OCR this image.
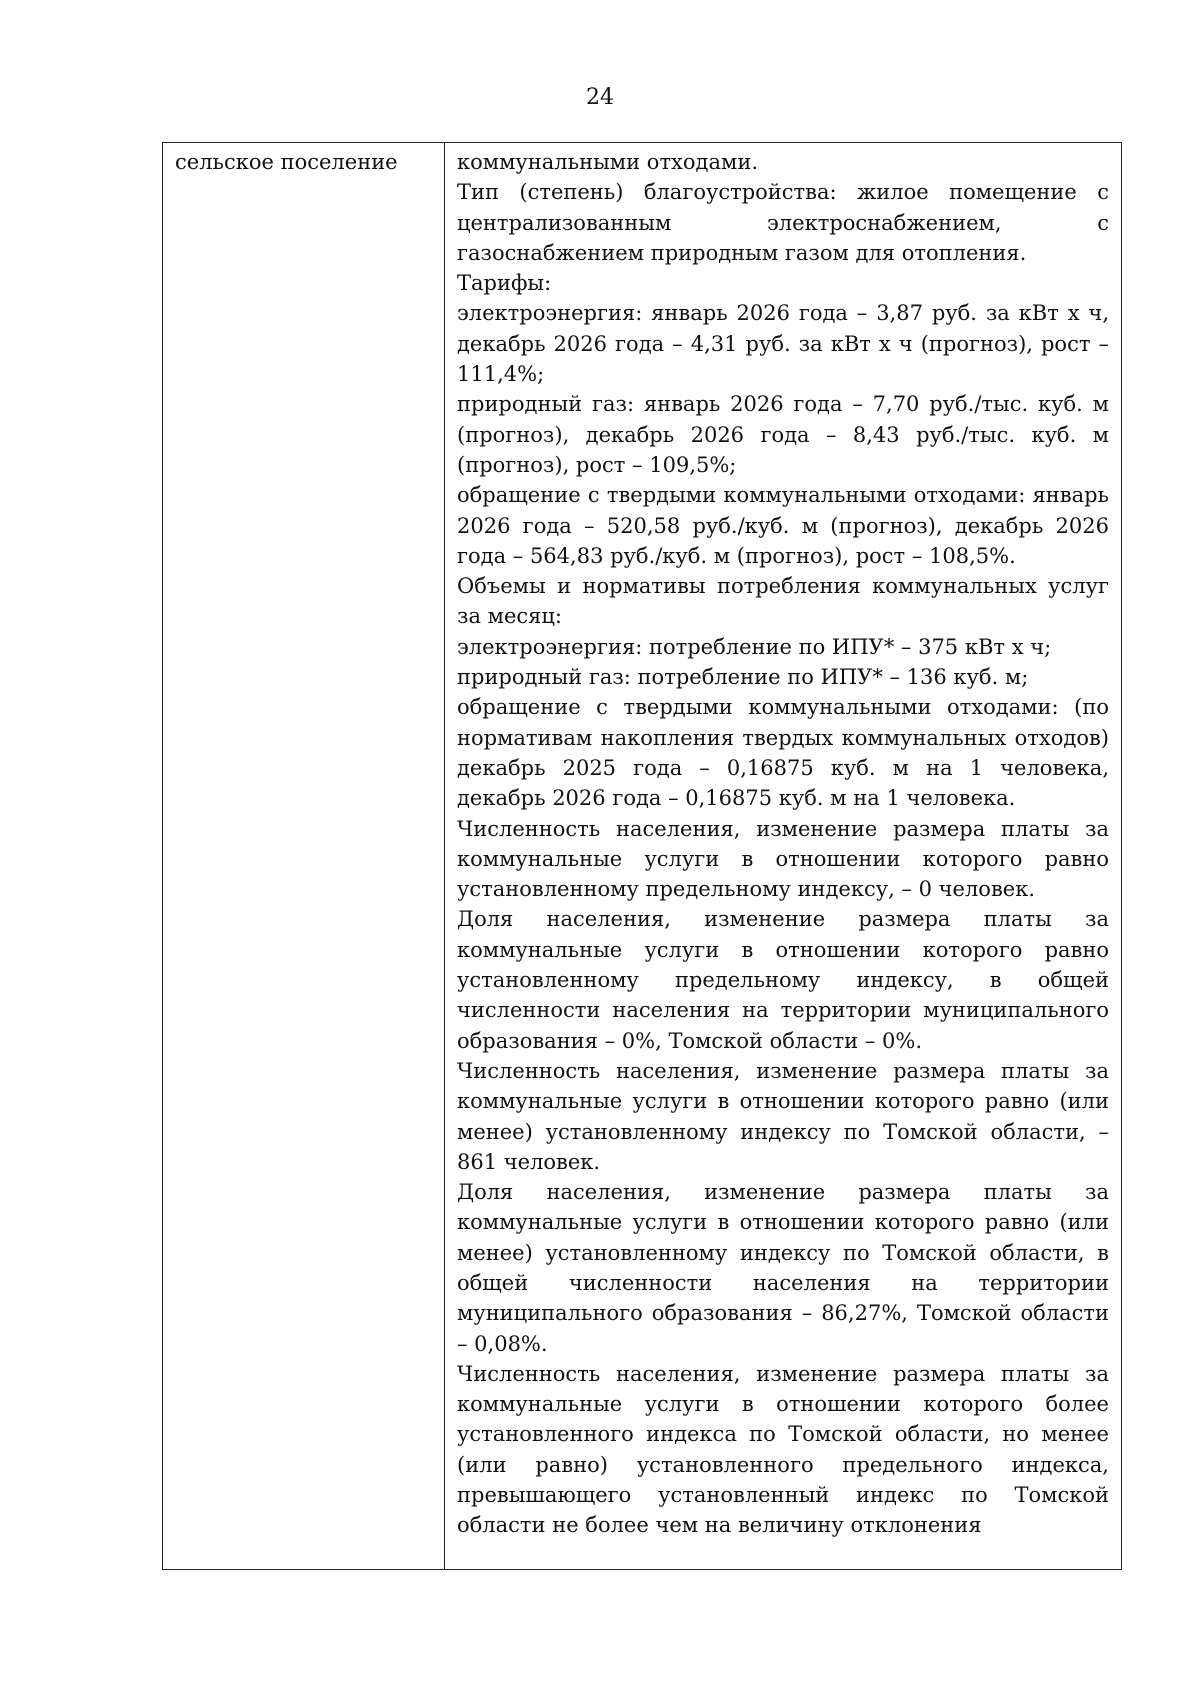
24
сельское поселение	коммунальными отходами.

Тип (степень) благоустройства: жилое помещение с централизованным электроснабжением, с газоснабжением природным газом для отопления.

Тарифы:

электроэнергия: январь 2026 года – 3,87 руб. за кВт х ч, декабрь 2026 года – 4,31 руб. за кВт х ч (прогноз), рост – 111,4%;

природный газ: январь 2026 года – 7,70 руб./тыс. куб. м (прогноз), декабрь 2026 года – 8,43 руб./тыс. куб. м (прогноз), рост – 109,5%;

обращение с твердыми коммунальными отходами: январь 2026 года – 520,58 руб./куб. м (прогноз), декабрь 2026 года – 564,83 руб./куб. м (прогноз), рост – 108,5%.

Объемы и нормативы потребления коммунальных услуг за месяц:

электроэнергия: потребление по ИПУ* – 375 кВт х ч;

природный газ: потребление по ИПУ* – 136 куб. м;

обращение с твердыми коммунальными отходами: (по нормативам накопления твердых коммунальных отходов) декабрь 2025 года – 0,16875 куб. м на 1 человека, декабрь 2026 года – 0,16875 куб. м на 1 человека.

Численность населения, изменение размера платы за коммунальные услуги в отношении которого равно установленному предельному индексу, – 0 человек.

Доля населения, изменение размера платы за коммунальные услуги в отношении которого равно установленному предельному индексу, в общей численности населения на территории муниципального образования – 0%, Томской области – 0%.

Численность населения, изменение размера платы за коммунальные услуги в отношении которого равно (или менее) установленному индексу по Томской области, – 861 человек.

Доля населения, изменение размера платы за коммунальные услуги в отношении которого равно (или менее) установленному индексу по Томской области, в общей численности населения на территории муниципального образования – 86,27%, Томской области – 0,08%.

Численность населения, изменение размера платы за коммунальные услуги в отношении которого более установленного индекса по Томской области, но менее (или равно) установленного предельного индекса, превышающего установленный индекс по Томской области не более чем на величину отклонения
